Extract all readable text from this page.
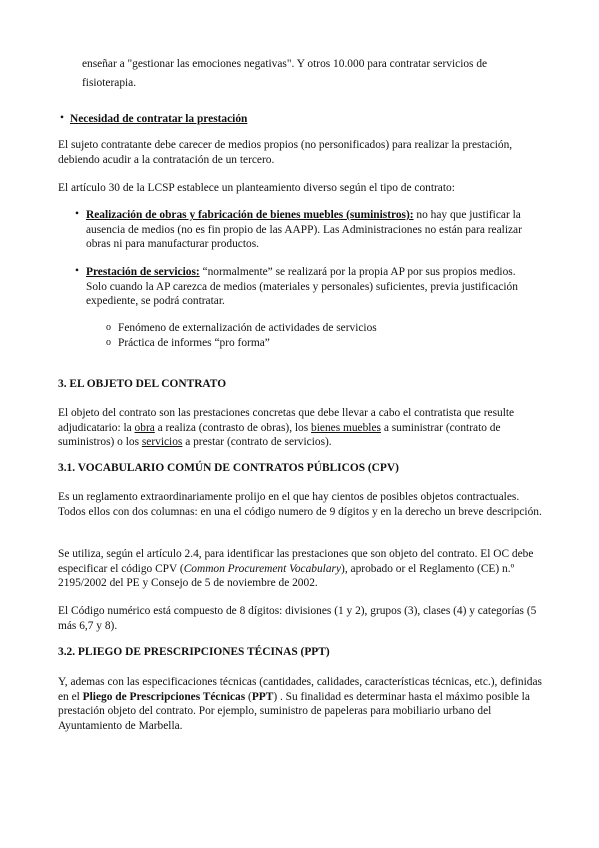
enseñar a "gestionar las emociones negativas". Y otros 10.000 para contratar servicios de
fisioterapia.
• Necesidad de contratar la prestación

El sujeto contratante debe carecer de medios propios (no personificados) para realizar la prestación, debiendo acudir a la contratación de un tercero.

El artículo 30 de la LCSP establece un planteamiento diverso según el tipo de contrato:

• Realización de obras y fabricación de bienes muebles (suministros): no hay que justificar la ausencia de medios (no es fin propio de las AAPP). Las Administraciones no están para realizar obras ni para manufacturar productos.

• Prestación de servicios: “normalmente” se realizará por la propia AP por sus propios medios. Solo cuando la AP carezca de medios (materiales y personales) suficientes, previa justificación expediente, se podrá contratar.

o Fenómeno de externalización de actividades de servicios
o Práctica de informes “pro forma”
3. EL OBJETO DEL CONTRATO

El objeto del contrato son las prestaciones concretas que debe llevar a cabo el contratista que resulte adjudicatario: la obra a realiza (contrasto de obras), los bienes muebles a suministrar (contrato de suministros) o los servicios a prestar (contrato de servicios).

3.1. VOCABULARIO COMÚN DE CONTRATOS PÚBLICOS (CPV)

Es un reglamento extraordinariamente prolijo en el que hay cientos de posibles objetos contractuales. Todos ellos con dos columnas: en una el código numero de 9 dígitos y en la derecho un breve descripción.

Se utiliza, según el artículo 2.4, para identificar las prestaciones que son objeto del contrato. El OC debe especificar el código CPV (Common Procurement Vocabulary), aprobado or el Reglamento (CE) n.º 2195/2002 del PE y Consejo de 5 de noviembre de 2002.

El Código numérico está compuesto de 8 dígitos: divisiones (1 y 2), grupos (3), clases (4) y categorías (5 más 6,7 y 8).

3.2. PLIEGO DE PRESCRIPCIONES TÉCINAS (PPT)

Y, ademas con las especificaciones técnicas (cantidades, calidades, características técnicas, etc.), definidas en el Pliego de Prescripciones Técnicas (PPT) . Su finalidad es determinar hasta el máximo posible la prestación objeto del contrato. Por ejemplo, suministro de papeleras para mobiliario urbano del Ayuntamiento de Marbella.
